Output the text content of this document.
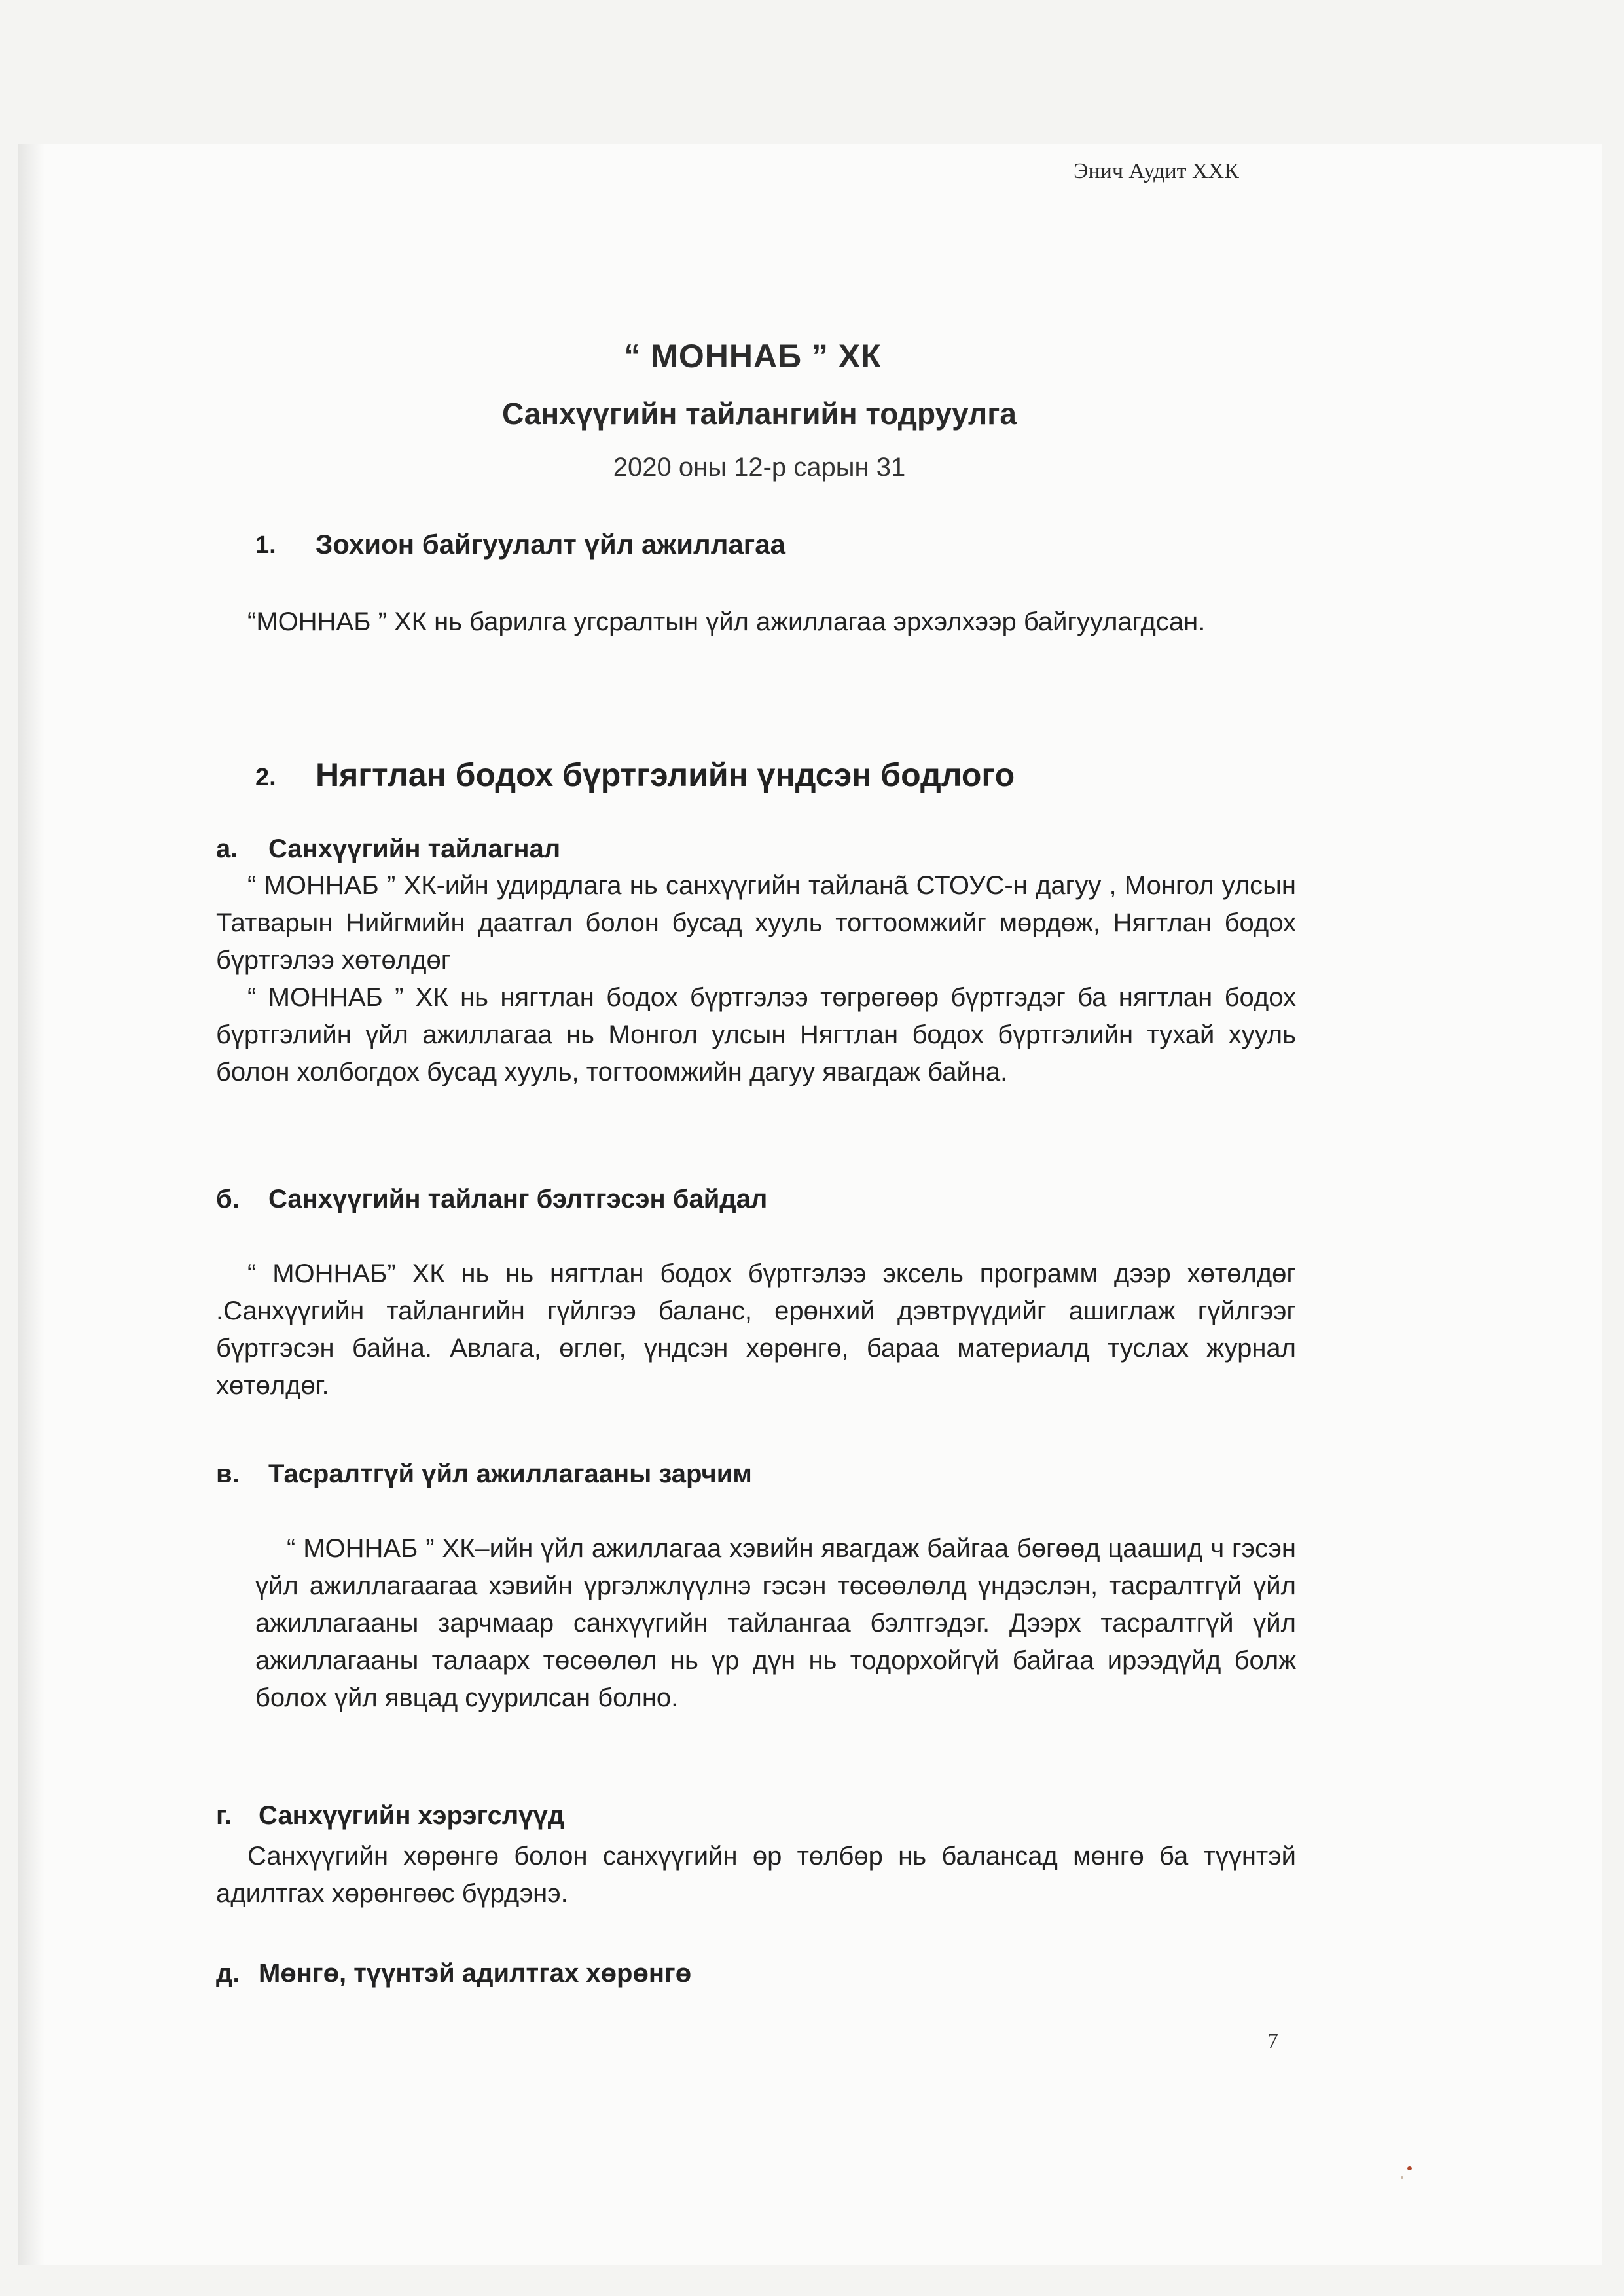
Энич Аудит ХХК
“ МОНHАБ ” ХК
Санхүүгийн тайлангийн тодруулга
2020 оны 12-р сарын 31
1. Зохион байгуулалт үйл ажиллагаа

“МОНHАБ ” ХК нь барилга угсралтын үйл ажиллагаа эрхэлхээр байгуулагдсан.

2. Нягтлан бодох бүртгэлийн үндсэн бодлого
а. Санхүүгийн тайлагнал

“ МОНHАБ ” ХК-ийн удирдлага нь санхүүгийн тайланã СТОУС-н дагуу , Монгол улсын Татварын Нийгмийн даатгал болон бусад хууль тогтоомжийг мөрдөж, Нягтлан бодох бүртгэлээ хөтөлдөг

“ МОНHАБ ” ХК нь нягтлан бодох бүртгэлээ төгрөгөөр бүртгэдэг ба нягтлан бодох бүртгэлийн үйл ажиллагаа нь Монгол улсын Нягтлан бодох бүртгэлийн тухай хууль болон холбогдох бусад хууль, тогтоомжийн дагуу явагдаж байна.

б. Санхүүгийн тайланг бэлтгэсэн байдал

“ МОНHАБ” ХК нь нь нягтлан бодох бүртгэлээ эксель программ дээр хөтөлдөг .Санхүүгийн тайлангийн гүйлгээ баланс, ерөнхий дэвтрүүдийг ашиглаж гүйлгээг бүртгэсэн байна. Авлага, өглөг, үндсэн хөрөнгө, бараа материалд туслах журнал хөтөлдөг.

в. Тасралтгүй үйл ажиллагааны зарчим

“ МОНHАБ ” ХК–ийн үйл ажиллагаа хэвийн явагдаж байгаа бөгөөд цаашид ч гэсэн үйл ажиллагаагаа хэвийн үргэлжлүүлнэ гэсэн төсөөлөлд үндэслэн, тасралтгүй үйл ажиллагааны зарчмаар санхүүгийн тайлангаа бэлтгэдэг. Дээрх тасралтгүй үйл ажиллагааны талаарх төсөөлөл нь үр дүн нь тодорхойгүй байгаа ирээдүйд болж болох үйл явцад суурилсан болно.

г. Санхүүгийн хэрэгслүүд

Санхүүгийн хөрөнгө болон санхүүгийн өр төлбөр нь балансад мөнгө ба түүнтэй адилтгах хөрөнгөөс бүрдэнэ.

д. Мөнгө, түүнтэй адилтгах хөрөнгө
7
